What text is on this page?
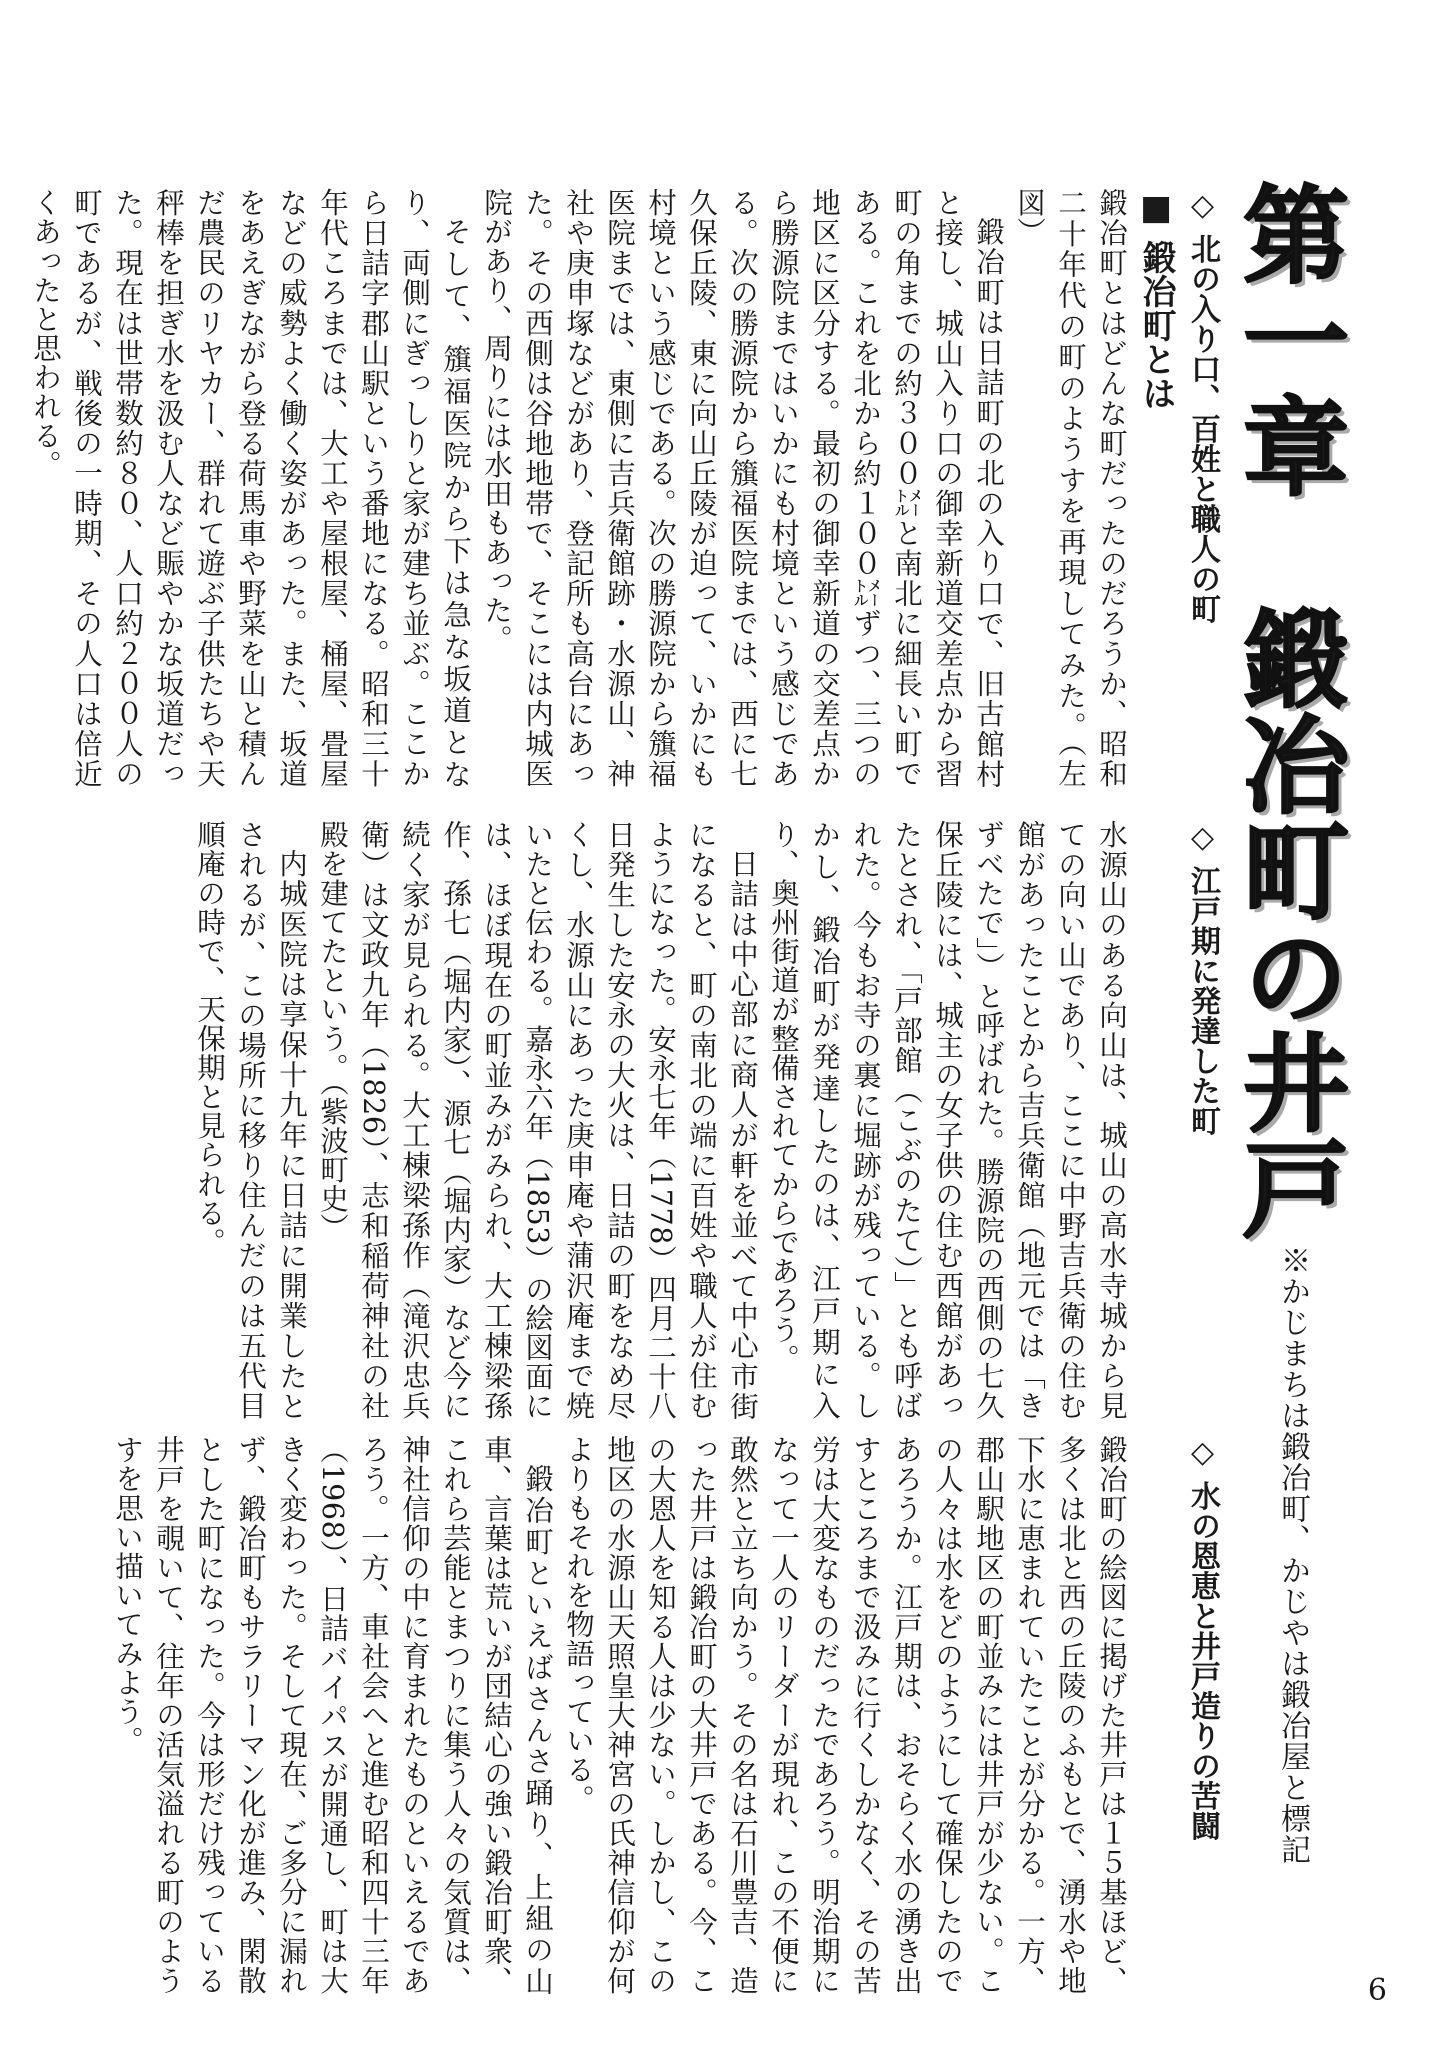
第一章　鍛冶町の井戸
※かじまちは鍛冶町、かじやは鍛冶屋と標記
■ 鍛冶町とは ◇ 北の入り口、百姓と職人の町

鍛冶町とはどんな町だったのだろうか、昭和二十年代の町のようすを再現してみた。（左図）

鍛冶町は日詰町の北の入り口で、旧古館村と接し、城山入り口の御幸新道交差点から習町の角までの約３００㍍と南北に細長い町である。これを北から約１００㍍ずつ、三つの地区に区分する。最初の御幸新道の交差点から勝源院まではいかにも村境という感じである。次の勝源院から籏福医院までは、西に七久保丘陵、東に向山丘陵が迫って、いかにも村境という感じである。次の勝源院から籏福医院までは、東側に吉兵衛館跡・水源山、神社や庚申塚などがあり、登記所も高台にあった。その西側は谷地地帯で、そこには内城医院があり、周りには水田もあった。

そして、籏福医院から下は急な坂道となり、両側にぎっしりと家が建ち並ぶ。ここから日詰字郡山駅という番地になる。昭和三十年代ころまでは、大工や屋根屋、桶屋、畳屋などの威勢よく働く姿があった。また、坂道をあえぎながら登る荷馬車や野菜を山と積んだ農民のリヤカー、群れて遊ぶ子供たちや天秤棒を担ぎ水を汲む人など賑やかな坂道だった。現在は世帯数約８０、人口約２００人の町であるが、戦後の一時期、その人口は倍近くあったと思われる。

◇ 江戸期に発達した町

水源山のある向山は、城山の高水寺城から見ての向い山であり、ここに中野吉兵衛の住む館があったことから吉兵衛館（地元では「きずべたで」）と呼ばれた。勝源院の西側の七久保丘陵には、城主の女子供の住む西館があったとされ、「戸部館（こぶのたて）」とも呼ばれた。今もお寺の裏に堀跡が残っている。しかし、鍛冶町が発達したのは、江戸期に入り、奥州街道が整備されてからであろう。

日詰は中心部に商人が軒を並べて中心市街になると、町の南北の端に百姓や職人が住むようになった。安永七年（1778）四月二十八日発生した安永の大火は、日詰の町をなめ尽くし、水源山にあった庚申庵や蒲沢庵まで焼いたと伝わる。嘉永六年（1853）の絵図面には、ほぼ現在の町並みがみられ、大工棟梁孫作、孫七（堀内家）、源七（堀内家）など今に続く家が見られる。大工棟梁孫作（滝沢忠兵衛）は文政九年（1826）、志和稲荷神社の社殿を建てたという。（紫波町史）

内城医院は享保十九年に日詰に開業したとされるが、この場所に移り住んだのは五代目順庵の時で、天保期と見られる。

◇ 水の恩恵と井戸造りの苦闘

鍛冶町の絵図に掲げた井戸は１５基ほど、多くは北と西の丘陵のふもとで、湧水や地下水に恵まれていたことが分かる。一方、郡山駅地区の町並みには井戸が少ない。この人々は水をどのようにして確保したのであろうか。江戸期は、おそらく水の湧き出すところまで汲みに行くしかなく、その苦労は大変なものだったであろう。明治期になって一人のリーダーが現れ、この不便に敢然と立ち向かう。その名は石川豊吉、造った井戸は鍛冶町の大井戸である。今、この大恩人を知る人は少ない。しかし、この地区の水源山天照皇大神宮の氏神信仰が何よりもそれを物語っている。

鍛冶町といえばさんさ踊り、上組の山車、言葉は荒いが団結心の強い鍛冶町衆、これら芸能とまつりに集う人々の気質は、神社信仰の中に育まれたものといえるであろう。一方、車社会へと進む昭和四十三年（1968）、日詰バイパスが開通し、町は大きく変わった。そして現在、ご多分に漏れず、鍛冶町もサラリーマン化が進み、閑散とした町になった。今は形だけ残っている井戸を覗いて、往年の活気溢れる町のようすを思い描いてみよう。

6
